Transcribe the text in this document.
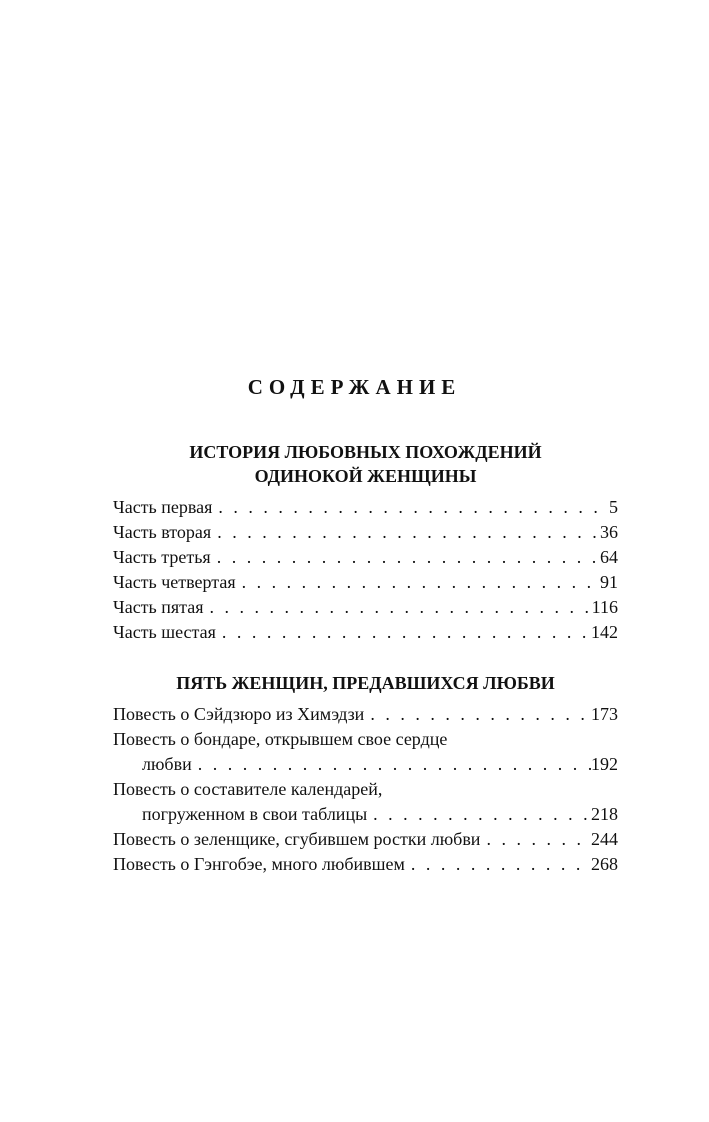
СОДЕРЖАНИЕ
ИСТОРИЯ ЛЮБОВНЫХ ПОХОЖДЕНИЙ
ОДИНОКОЙ ЖЕНЩИНЫ
Часть первая . . .	5
Часть вторая . . .	36
Часть третья . . .	64
Часть четвертая . . .	91
Часть пятая . . .	116
Часть шестая . . .	142
ПЯТЬ ЖЕНЩИН, ПРЕДАВШИХСЯ ЛЮБВИ
Повесть о Сэйдзюро из Химэдзи . . .	173
Повесть о бондаре, открывшем свое сердце
любви . . .	192
Повесть о составителе календарей,
погруженном в свои таблицы . . .	218
Повесть о зеленщике, сгубившем ростки любви . . .	244
Повесть о Гэнгобэе, много любившем . . .	268
